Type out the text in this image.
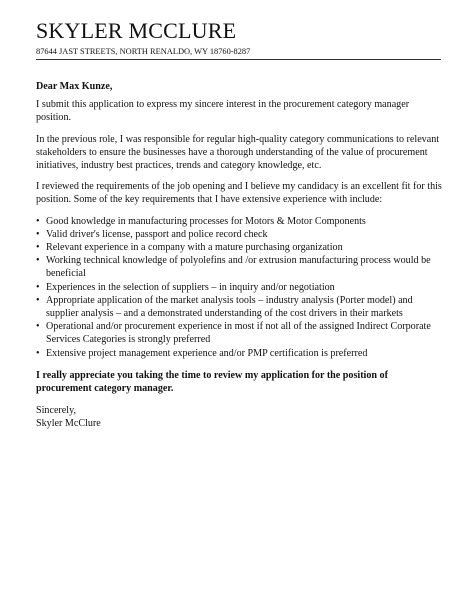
SKYLER MCCLURE
87644 JAST STREETS, NORTH RENALDO, WY 18760-8287

Dear Max Kunze,

I submit this application to express my sincere interest in the procurement category manager position.

In the previous role, I was responsible for regular high-quality category communications to relevant stakeholders to ensure the businesses have a thorough understanding of the value of procurement initiatives, industry best practices, trends and category knowledge, etc.

I reviewed the requirements of the job opening and I believe my candidacy is an excellent fit for this position. Some of the key requirements that I have extensive experience with include:

• Good knowledge in manufacturing processes for Motors & Motor Components
• Valid driver's license, passport and police record check
• Relevant experience in a company with a mature purchasing organization
• Working technical knowledge of polyolefins and /or extrusion manufacturing process would be beneficial
• Experiences in the selection of suppliers – in inquiry and/or negotiation
• Appropriate application of the market analysis tools – industry analysis (Porter model) and supplier analysis – and a demonstrated understanding of the cost drivers in their markets
• Operational and/or procurement experience in most if not all of the assigned Indirect Corporate Services Categories is strongly preferred
• Extensive project management experience and/or PMP certification is preferred

I really appreciate you taking the time to review my application for the position of procurement category manager.

Sincerely,

Skyler McClure
